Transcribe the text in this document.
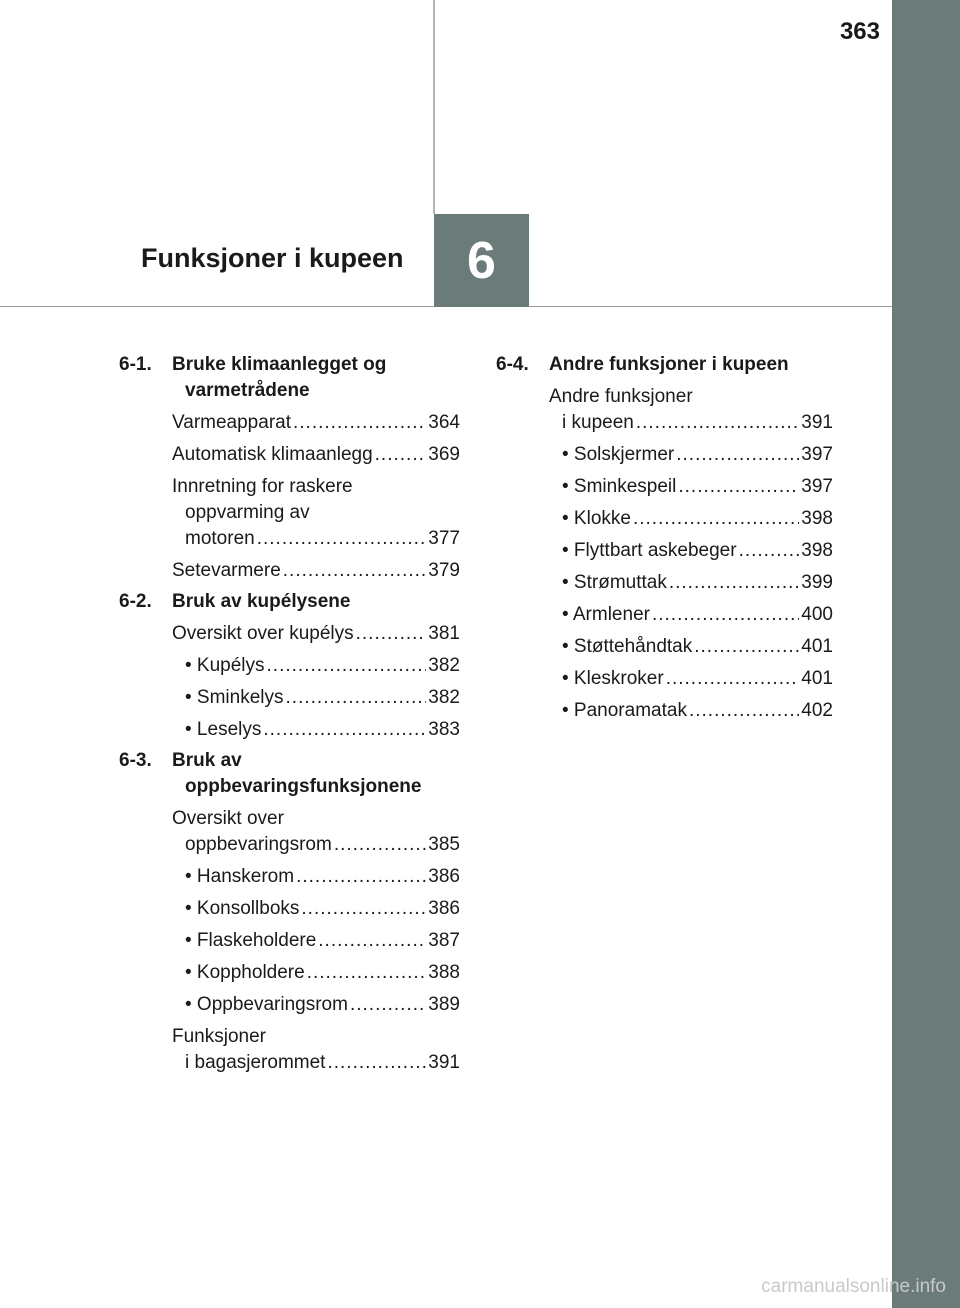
363
Funksjoner i kupeen	6
6-1. Bruke klimaanlegget og varmetrådene
Varmeapparat .....	364
Automatisk klimaanlegg .....	369
Innretning for raskere
oppvarming av
motoren .....	377
Setevarmere .....	379
6-2. Bruk av kupélysene
Oversikt over kupélys .....	381
• Kupélys .....	382
• Sminkelys .....	382
• Leselys .....	383
6-3. Bruk av oppbevaringsfunksjonene
Oversikt over
oppbevaringsrom .....	385
• Hanskerom .....	386
• Konsollboks .....	386
• Flaskeholdere .....	387
• Koppholdere .....	388
• Oppbevaringsrom .....	389
Funksjoner
i bagasjerommet .....	391
6-4. Andre funksjoner i kupeen
Andre funksjoner
i kupeen .....	391
• Solskjermer .....	397
• Sminkespeil .....	397
• Klokke .....	398
• Flyttbart askebeger .....	398
• Strømuttak .....	399
• Armlener .....	400
• Støttehåndtak .....	401
• Kleskroker .....	401
• Panoramatak .....	402
carmanualsonline.info
